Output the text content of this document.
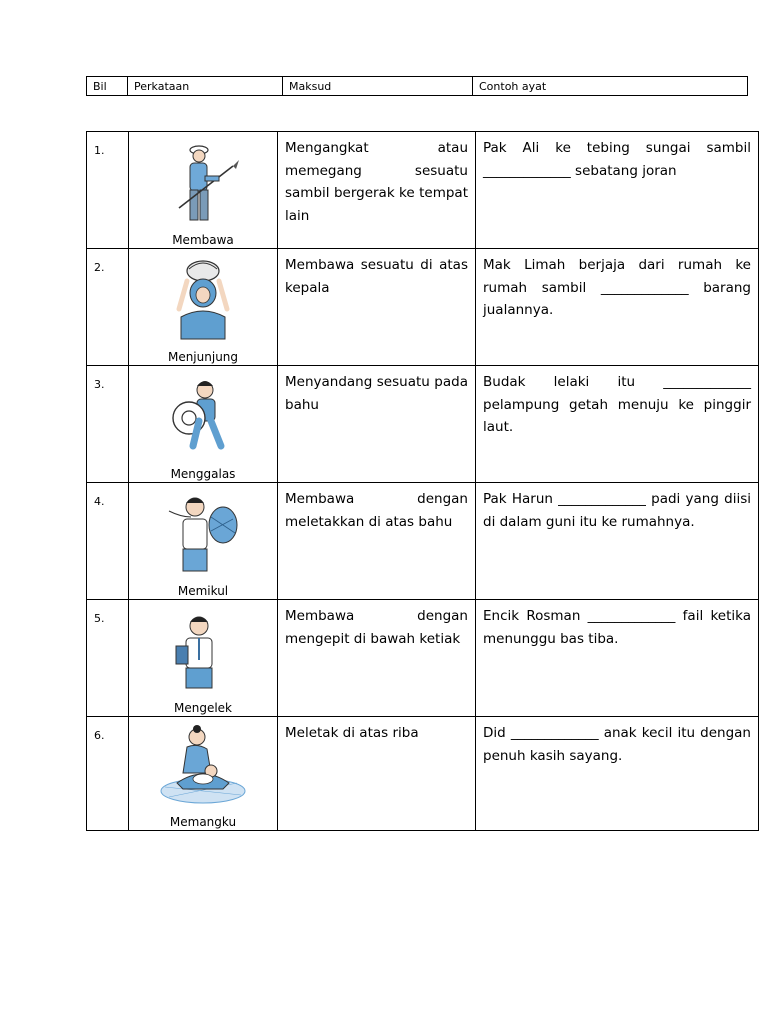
Bil	Perkataan	Maksud	Contoh ayat
1.	Membawa	Mengangkat atau memegang sesuatu sambil bergerak ke tempat lain	Pak Ali ke tebing sungai sambil _____________ sebatang joran
2.	Menjunjung	Membawa sesuatu di atas kepala	Mak Limah berjaja dari rumah ke rumah sambil _____________ barang jualannya.
3.	Menggalas	Menyandang sesuatu pada bahu	Budak lelaki itu _____________ pelampung getah menuju ke pinggir laut.
4.	Memikul	Membawa dengan meletakkan di atas bahu	Pak Harun _____________ padi yang diisi di dalam guni itu ke rumahnya.
5.	Mengelek	Membawa dengan mengepit di bawah ketiak	Encik Rosman _____________ fail ketika menunggu bas tiba.
6.	Memangku	Meletak di atas riba	Did _____________ anak kecil itu dengan penuh kasih sayang.
